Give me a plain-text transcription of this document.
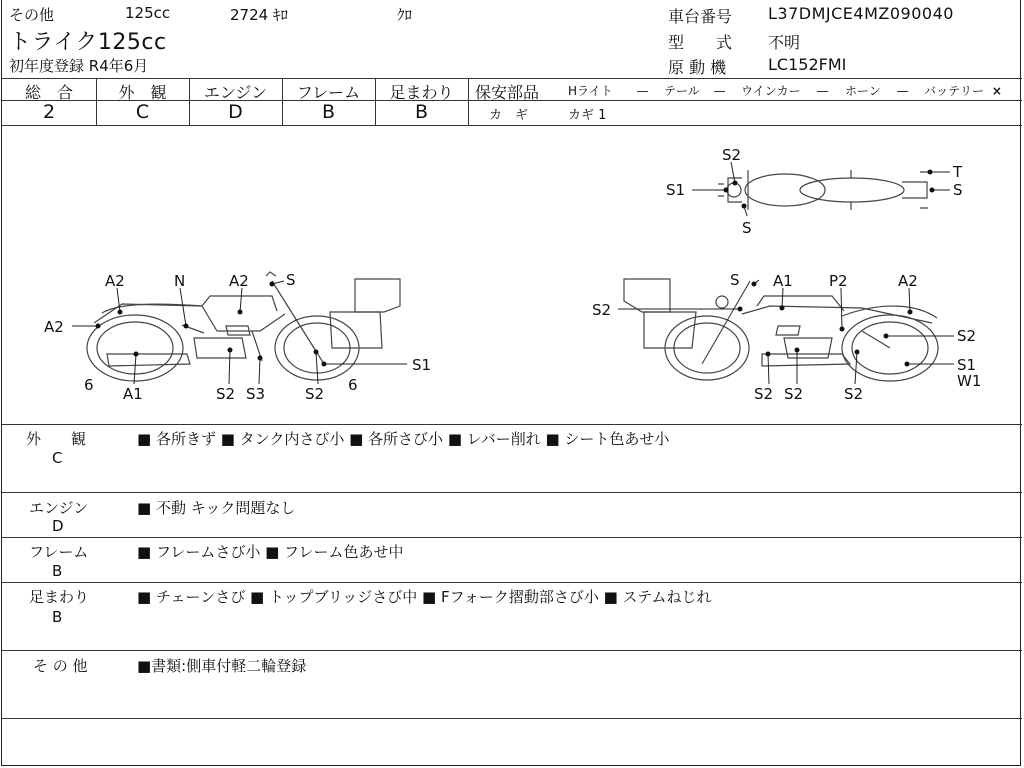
その他	125cc	2724 ｷﾛ	ｸﾛ
トライク125cc
初年度登録 R4年6月
車台番号 L37DMJCE4MZ090040
型　　式 不明
原 動 機	LC152FMI
総　合
2
外　観
C
エンジン
D
フレーム
B
足まわり
B
保安部品 Hライト — テール — ウインカー — ホーン — バッテリー ×
カ　ギ	カギ 1
S2
S1
S
T
S
A2	N	A2 S
A2
6 A1	S2 S3	S2 6
S1
S A1 P2	A2
S2
S2
S1
W1
S2 S2	S2
外　　観
C
■ 各所きず ■ タンク内さび小 ■ 各所さび小 ■ レバー削れ ■ シート色あせ小
エンジン
D
■ 不動 キック問題なし
フレーム
B
■ フレームさび小 ■ フレーム色あせ中
足まわり
B
■ チェーンさび ■ トップブリッジさび中 ■ Fフォーク摺動部さび小 ■ ステムねじれ
そ の 他	■書類:側車付軽二輪登録
